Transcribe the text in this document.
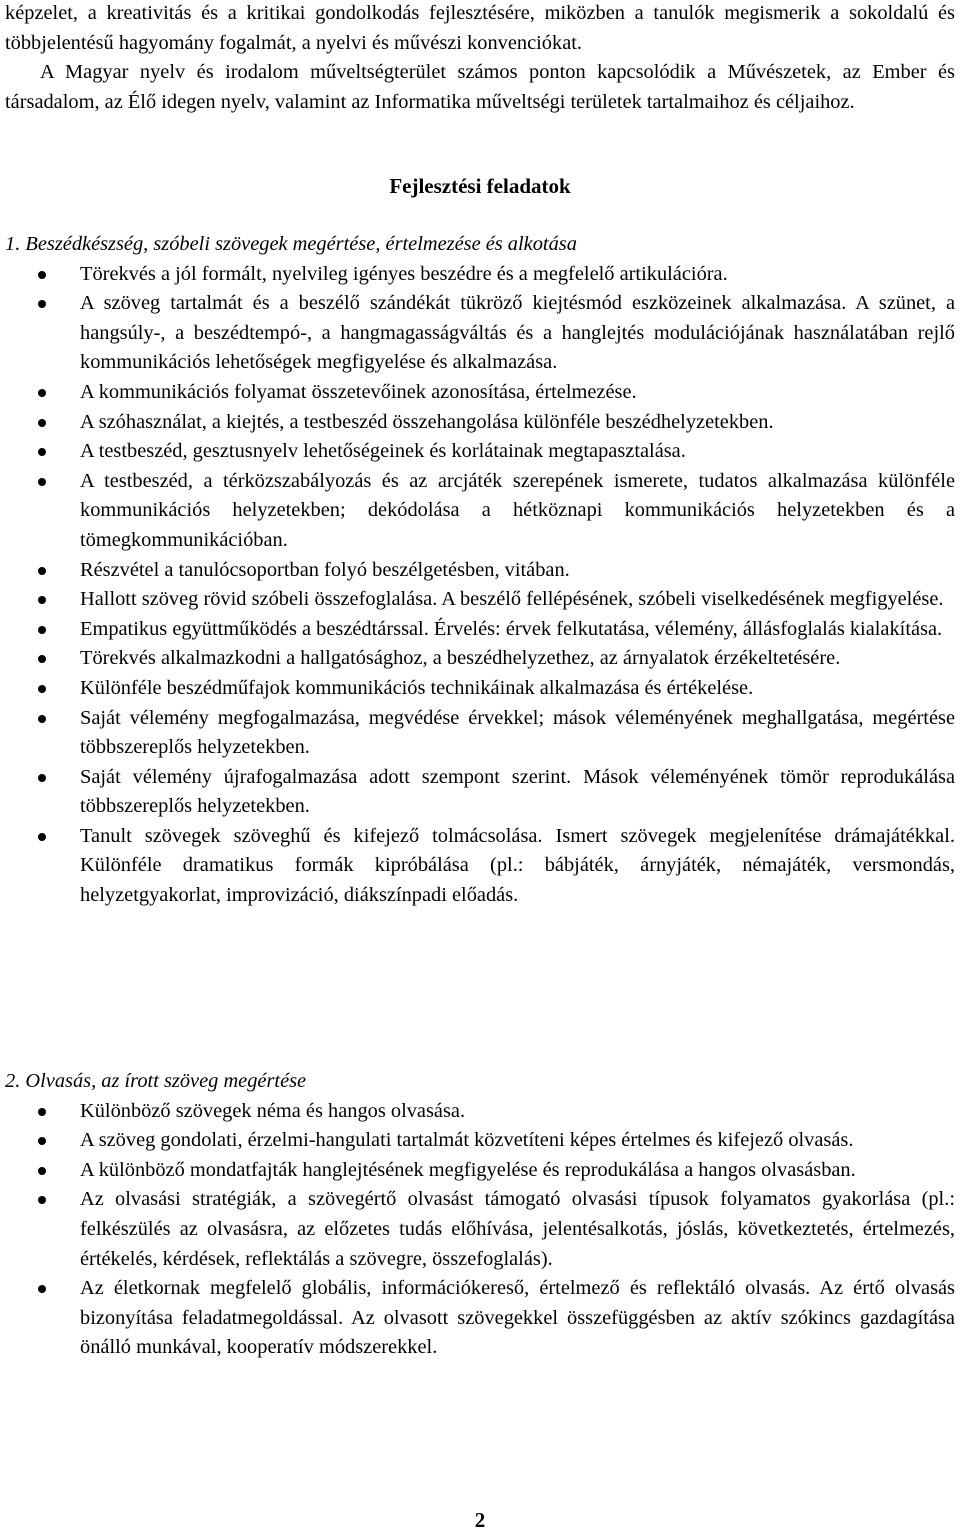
képzelet, a kreativitás és a kritikai gondolkodás fejlesztésére, miközben a tanulók megismerik a sokoldalú és többjelentésű hagyomány fogalmát, a nyelvi és művészi konvenciókat.

A Magyar nyelv és irodalom műveltségterület számos ponton kapcsolódik a Művészetek, az Ember és társadalom, az Élő idegen nyelv, valamint az Informatika műveltségi területek tartalmaihoz és céljaihoz.

Fejlesztési feladatok

1. Beszédkészség, szóbeli szövegek megértése, értelmezése és alkotása

Törekvés a jól formált, nyelvileg igényes beszédre és a megfelelő artikulációra.
A szöveg tartalmát és a beszélő szándékát tükröző kiejtésmód eszközeinek alkalmazása. A szünet, a hangsúly-, a beszédtempó-, a hangmagasságváltás és a hanglejtés modulációjának használatában rejlő kommunikációs lehetőségek megfigyelése és alkalmazása.
A kommunikációs folyamat összetevőinek azonosítása, értelmezése.
A szóhasználat, a kiejtés, a testbeszéd összehangolása különféle beszédhelyzetekben.
A testbeszéd, gesztusnyelv lehetőségeinek és korlátainak megtapasztalása.
A testbeszéd, a térközszabályozás és az arcjáték szerepének ismerete, tudatos alkalmazása különféle kommunikációs helyzetekben; dekódolása a hétköznapi kommunikációs helyzetekben és a tömegkommunikációban.
Részvétel a tanulócsoportban folyó beszélgetésben, vitában.
Hallott szöveg rövid szóbeli összefoglalása. A beszélő fellépésének, szóbeli viselkedésének megfigyelése.
Empatikus együttműködés a beszédtárssal. Érvelés: érvek felkutatása, vélemény, állásfoglalás kialakítása.
Törekvés alkalmazkodni a hallgatósághoz, a beszédhelyzethez, az árnyalatok érzékeltetésére.
Különféle beszédműfajok kommunikációs technikáinak alkalmazása és értékelése.
Saját vélemény megfogalmazása, megvédése érvekkel; mások véleményének meghallgatása, megértése többszereplős helyzetekben.
Saját vélemény újrafogalmazása adott szempont szerint. Mások véleményének tömör reprodukálása többszereplős helyzetekben.
Tanult szövegek szöveghű és kifejező tolmácsolása. Ismert szövegek megjelenítése drámajátékkal. Különféle dramatikus formák kipróbálása (pl.: bábjáték, árnyjáték, némajáték, versmondás, helyzetgyakorlat, improvizáció, diákszínpadi előadás.

2. Olvasás, az írott szöveg megértése

Különböző szövegek néma és hangos olvasása.
A szöveg gondolati, érzelmi-hangulati tartalmát közvetíteni képes értelmes és kifejező olvasás.
A különböző mondatfajták hanglejtésének megfigyelése és reprodukálása a hangos olvasásban.
Az olvasási stratégiák, a szövegértő olvasást támogató olvasási típusok folyamatos gyakorlása (pl.: felkészülés az olvasásra, az előzetes tudás előhívása, jelentésalkotás, jóslás, következtetés, értelmezés, értékelés, kérdések, reflektálás a szövegre, összefoglalás).
Az életkornak megfelelő globális, információkereső, értelmező és reflektáló olvasás. Az értő olvasás bizonyítása feladatmegoldással. Az olvasott szövegekkel összefüggésben az aktív szókincs gazdagítása önálló munkával, kooperatív módszerekkel.
2
